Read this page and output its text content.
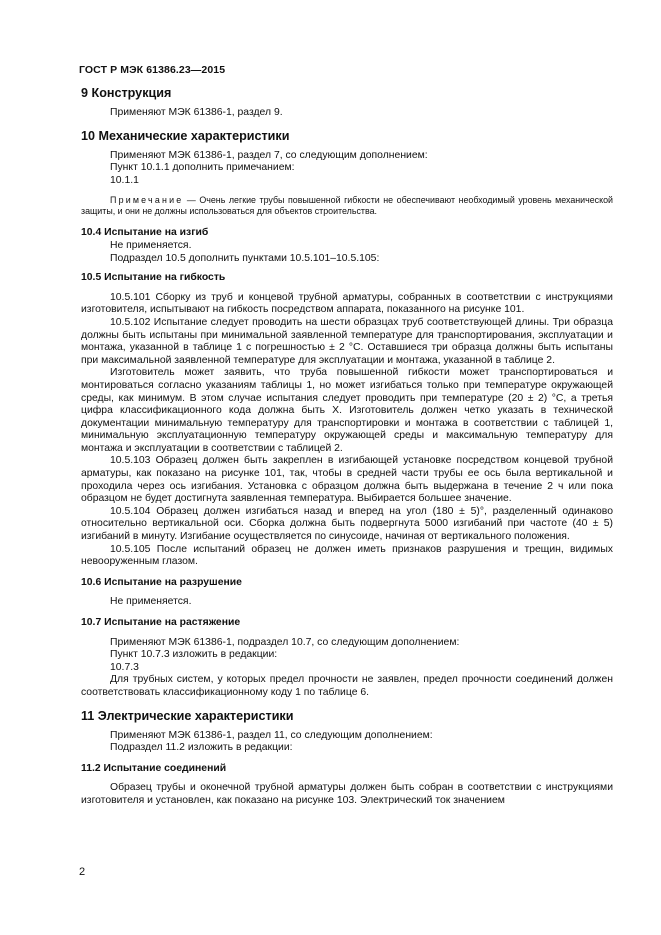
ГОСТ Р МЭК 61386.23—2015

9 Конструкция

Применяют МЭК 61386-1, раздел 9.

10 Механические характеристики

Применяют МЭК 61386-1, раздел 7, со следующим дополнением:

Пункт 10.1.1 дополнить примечанием:

10.1.1

Примечание — Очень легкие трубы повышенной гибкости не обеспечивают необходимый уровень механической защиты, и они не должны использоваться для объектов строительства.

10.4 Испытание на изгиб

Не применяется.

Подраздел 10.5 дополнить пунктами 10.5.101–10.5.105:

10.5 Испытание на гибкость

10.5.101 Сборку из труб и концевой трубной арматуры, собранных в соответствии с инструкциями изготовителя, испытывают на гибкость посредством аппарата, показанного на рисунке 101.

10.5.102 Испытание следует проводить на шести образцах труб соответствующей длины. Три образца должны быть испытаны при минимальной заявленной температуре для транспортирования, эксплуатации и монтажа, указанной в таблице 1 с погрешностью ± 2 °C. Оставшиеся три образца должны быть испытаны при максимальной заявленной температуре для эксплуатации и монтажа, указанной в таблице 2.

Изготовитель может заявить, что труба повышенной гибкости может транспортироваться и монтироваться согласно указаниям таблицы 1, но может изгибаться только при температуре окружающей среды, как минимум. В этом случае испытания следует проводить при температуре (20 ± 2) °C, а третья цифра классификационного кода должна быть X. Изготовитель должен четко указать в технической документации минимальную температуру для транспортировки и монтажа в соответствии с таблицей 1, минимальную эксплуатационную температуру окружающей среды и максимальную температуру для монтажа и эксплуатации в соответствии с таблицей 2.

10.5.103 Образец должен быть закреплен в изгибающей установке посредством концевой трубной арматуры, как показано на рисунке 101, так, чтобы в средней части трубы ее ось была вертикальной и проходила через ось изгибания. Установка с образцом должна быть выдержана в течение 2 ч или пока образцом не будет достигнута заявленная температура. Выбирается большее значение.

10.5.104 Образец должен изгибаться назад и вперед на угол (180 ± 5)°, разделенный одинаково относительно вертикальной оси. Сборка должна быть подвергнута 5000 изгибаний при частоте (40 ± 5) изгибаний в минуту. Изгибание осуществляется по синусоиде, начиная от вертикального положения.

10.5.105 После испытаний образец не должен иметь признаков разрушения и трещин, видимых невооруженным глазом.

10.6 Испытание на разрушение

Не применяется.

10.7 Испытание на растяжение

Применяют МЭК 61386-1, подраздел 10.7, со следующим дополнением:

Пункт 10.7.3 изложить в редакции:

10.7.3

Для трубных систем, у которых предел прочности не заявлен, предел прочности соединений должен соответствовать классификационному коду 1 по таблице 6.

11 Электрические характеристики

Применяют МЭК 61386-1, раздел 11, со следующим дополнением:

Подраздел 11.2 изложить в редакции:

11.2 Испытание соединений

Образец трубы и оконечной трубной арматуры должен быть собран в соответствии с инструкциями изготовителя и установлен, как показано на рисунке 103. Электрический ток значением

2
